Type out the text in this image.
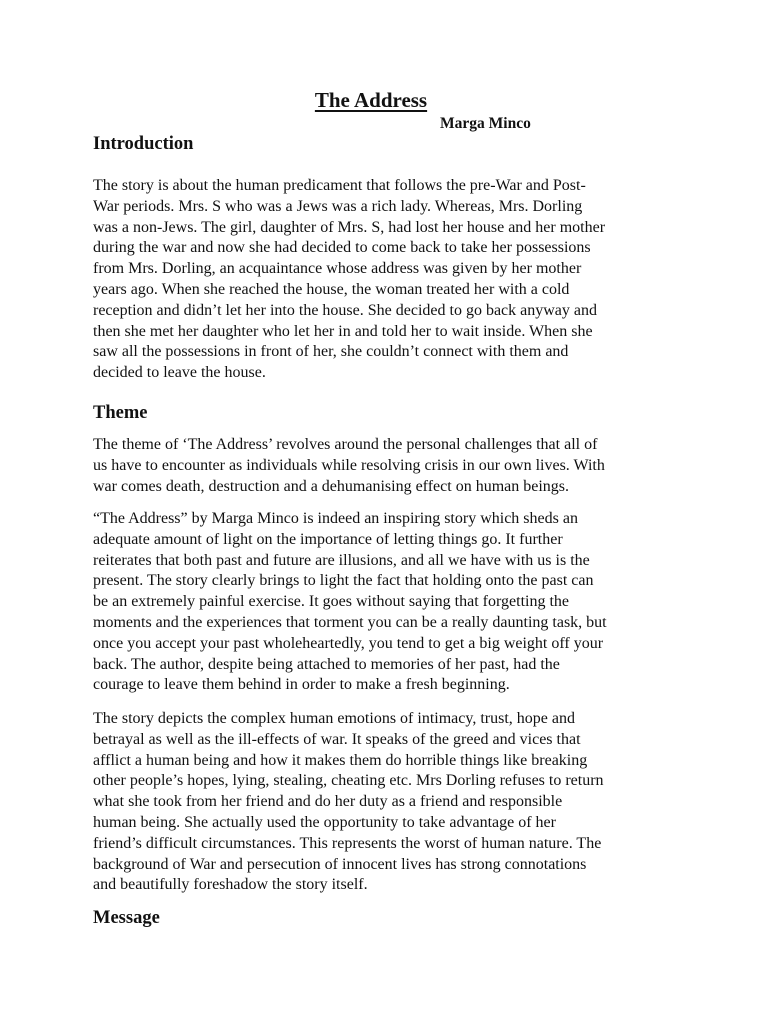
The Address

Marga Minco

Introduction

The story is about the human predicament that follows the pre-War and Post-
War periods. Mrs. S who was a Jews was a rich lady. Whereas, Mrs. Dorling
was a non-Jews. The girl, daughter of Mrs. S, had lost her house and her mother
during the war and now she had decided to come back to take her possessions
from Mrs. Dorling, an acquaintance whose address was given by her mother
years ago. When she reached the house, the woman treated her with a cold
reception and didn’t let her into the house. She decided to go back anyway and
then she met her daughter who let her in and told her to wait inside. When she
saw all the possessions in front of her, she couldn’t connect with them and
decided to leave the house.

Theme

The theme of ‘The Address’ revolves around the personal challenges that all of
us have to encounter as individuals while resolving crisis in our own lives. With
war comes death, destruction and a dehumanising effect on human beings.

“The Address” by Marga Minco is indeed an inspiring story which sheds an
adequate amount of light on the importance of letting things go. It further
reiterates that both past and future are illusions, and all we have with us is the
present. The story clearly brings to light the fact that holding onto the past can
be an extremely painful exercise. It goes without saying that forgetting the
moments and the experiences that torment you can be a really daunting task, but
once you accept your past wholeheartedly, you tend to get a big weight off your
back. The author, despite being attached to memories of her past, had the
courage to leave them behind in order to make a fresh beginning.

The story depicts the complex human emotions of intimacy, trust, hope and
betrayal as well as the ill-effects of war. It speaks of the greed and vices that
afflict a human being and how it makes them do horrible things like breaking
other people’s hopes, lying, stealing, cheating etc. Mrs Dorling refuses to return
what she took from her friend and do her duty as a friend and responsible
human being. She actually used the opportunity to take advantage of her
friend’s difficult circumstances. This represents the worst of human nature. The
background of War and persecution of innocent lives has strong connotations
and beautifully foreshadow the story itself.

Message
